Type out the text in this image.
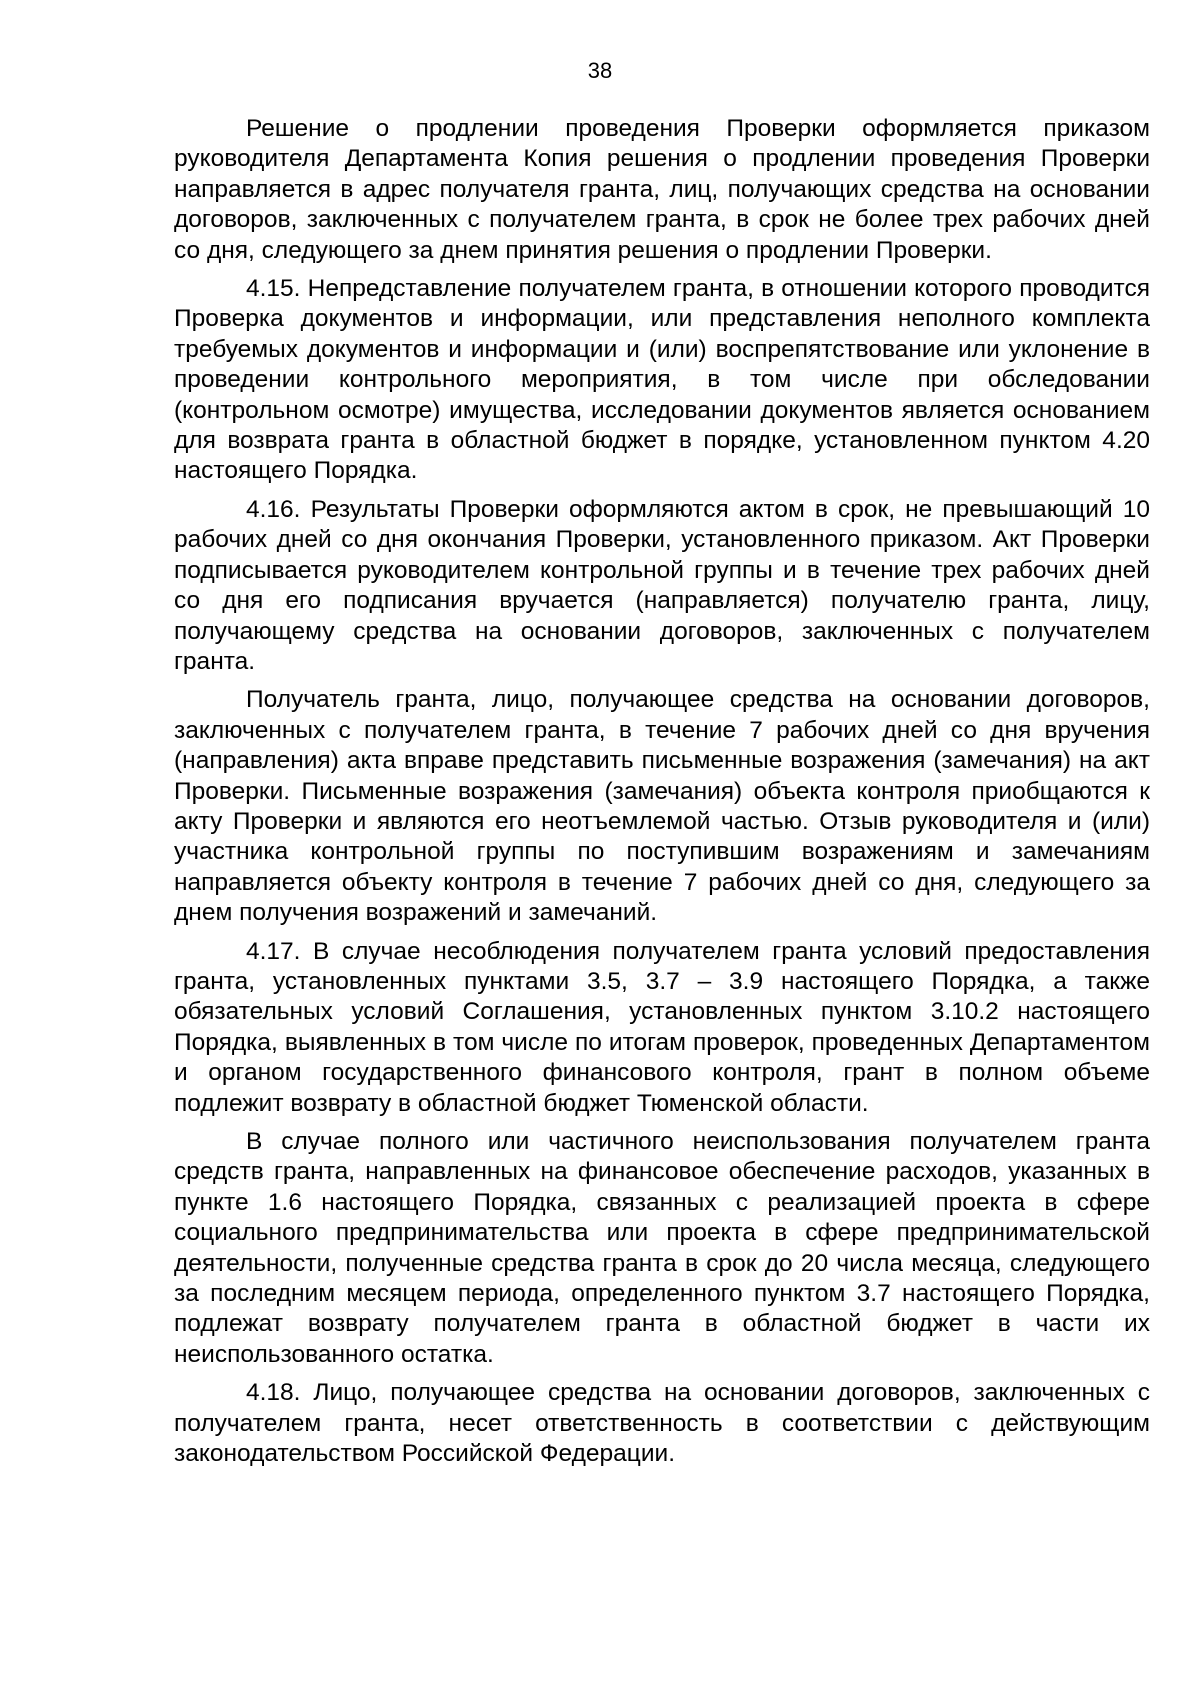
38

Решение о продлении проведения Проверки оформляется приказом руководителя Департамента Копия решения о продлении проведения Проверки направляется в адрес получателя гранта, лиц, получающих средства на основании договоров, заключенных с получателем гранта, в срок не более трех рабочих дней со дня, следующего за днем принятия решения о продлении Проверки.

4.15. Непредставление получателем гранта, в отношении которого проводится Проверка документов и информации, или представления неполного комплекта требуемых документов и информации и (или) воспрепятствование или уклонение в проведении контрольного мероприятия, в том числе при обследовании (контрольном осмотре) имущества, исследовании документов является основанием для возврата гранта в областной бюджет в порядке, установленном пунктом 4.20 настоящего Порядка.

4.16. Результаты Проверки оформляются актом в срок, не превышающий 10 рабочих дней со дня окончания Проверки, установленного приказом. Акт Проверки подписывается руководителем контрольной группы и в течение трех рабочих дней со дня его подписания вручается (направляется) получателю гранта, лицу, получающему средства на основании договоров, заключенных с получателем гранта.

Получатель гранта, лицо, получающее средства на основании договоров, заключенных с получателем гранта, в течение 7 рабочих дней со дня вручения (направления) акта вправе представить письменные возражения (замечания) на акт Проверки. Письменные возражения (замечания) объекта контроля приобщаются к акту Проверки и являются его неотъемлемой частью. Отзыв руководителя и (или) участника контрольной группы по поступившим возражениям и замечаниям направляется объекту контроля в течение 7 рабочих дней со дня, следующего за днем получения возражений и замечаний.

4.17. В случае несоблюдения получателем гранта условий предоставления гранта, установленных пунктами 3.5, 3.7 – 3.9 настоящего Порядка, а также обязательных условий Соглашения, установленных пунктом 3.10.2 настоящего Порядка, выявленных в том числе по итогам проверок, проведенных Департаментом и органом государственного финансового контроля, грант в полном объеме подлежит возврату в областной бюджет Тюменской области.

В случае полного или частичного неиспользования получателем гранта средств гранта, направленных на финансовое обеспечение расходов, указанных в пункте 1.6 настоящего Порядка, связанных с реализацией проекта в сфере социального предпринимательства или проекта в сфере предпринимательской деятельности, полученные средства гранта в срок до 20 числа месяца, следующего за последним месяцем периода, определенного пунктом 3.7 настоящего Порядка, подлежат возврату получателем гранта в областной бюджет в части их неиспользованного остатка.

4.18. Лицо, получающее средства на основании договоров, заключенных с получателем гранта, несет ответственность в соответствии с действующим законодательством Российской Федерации.
